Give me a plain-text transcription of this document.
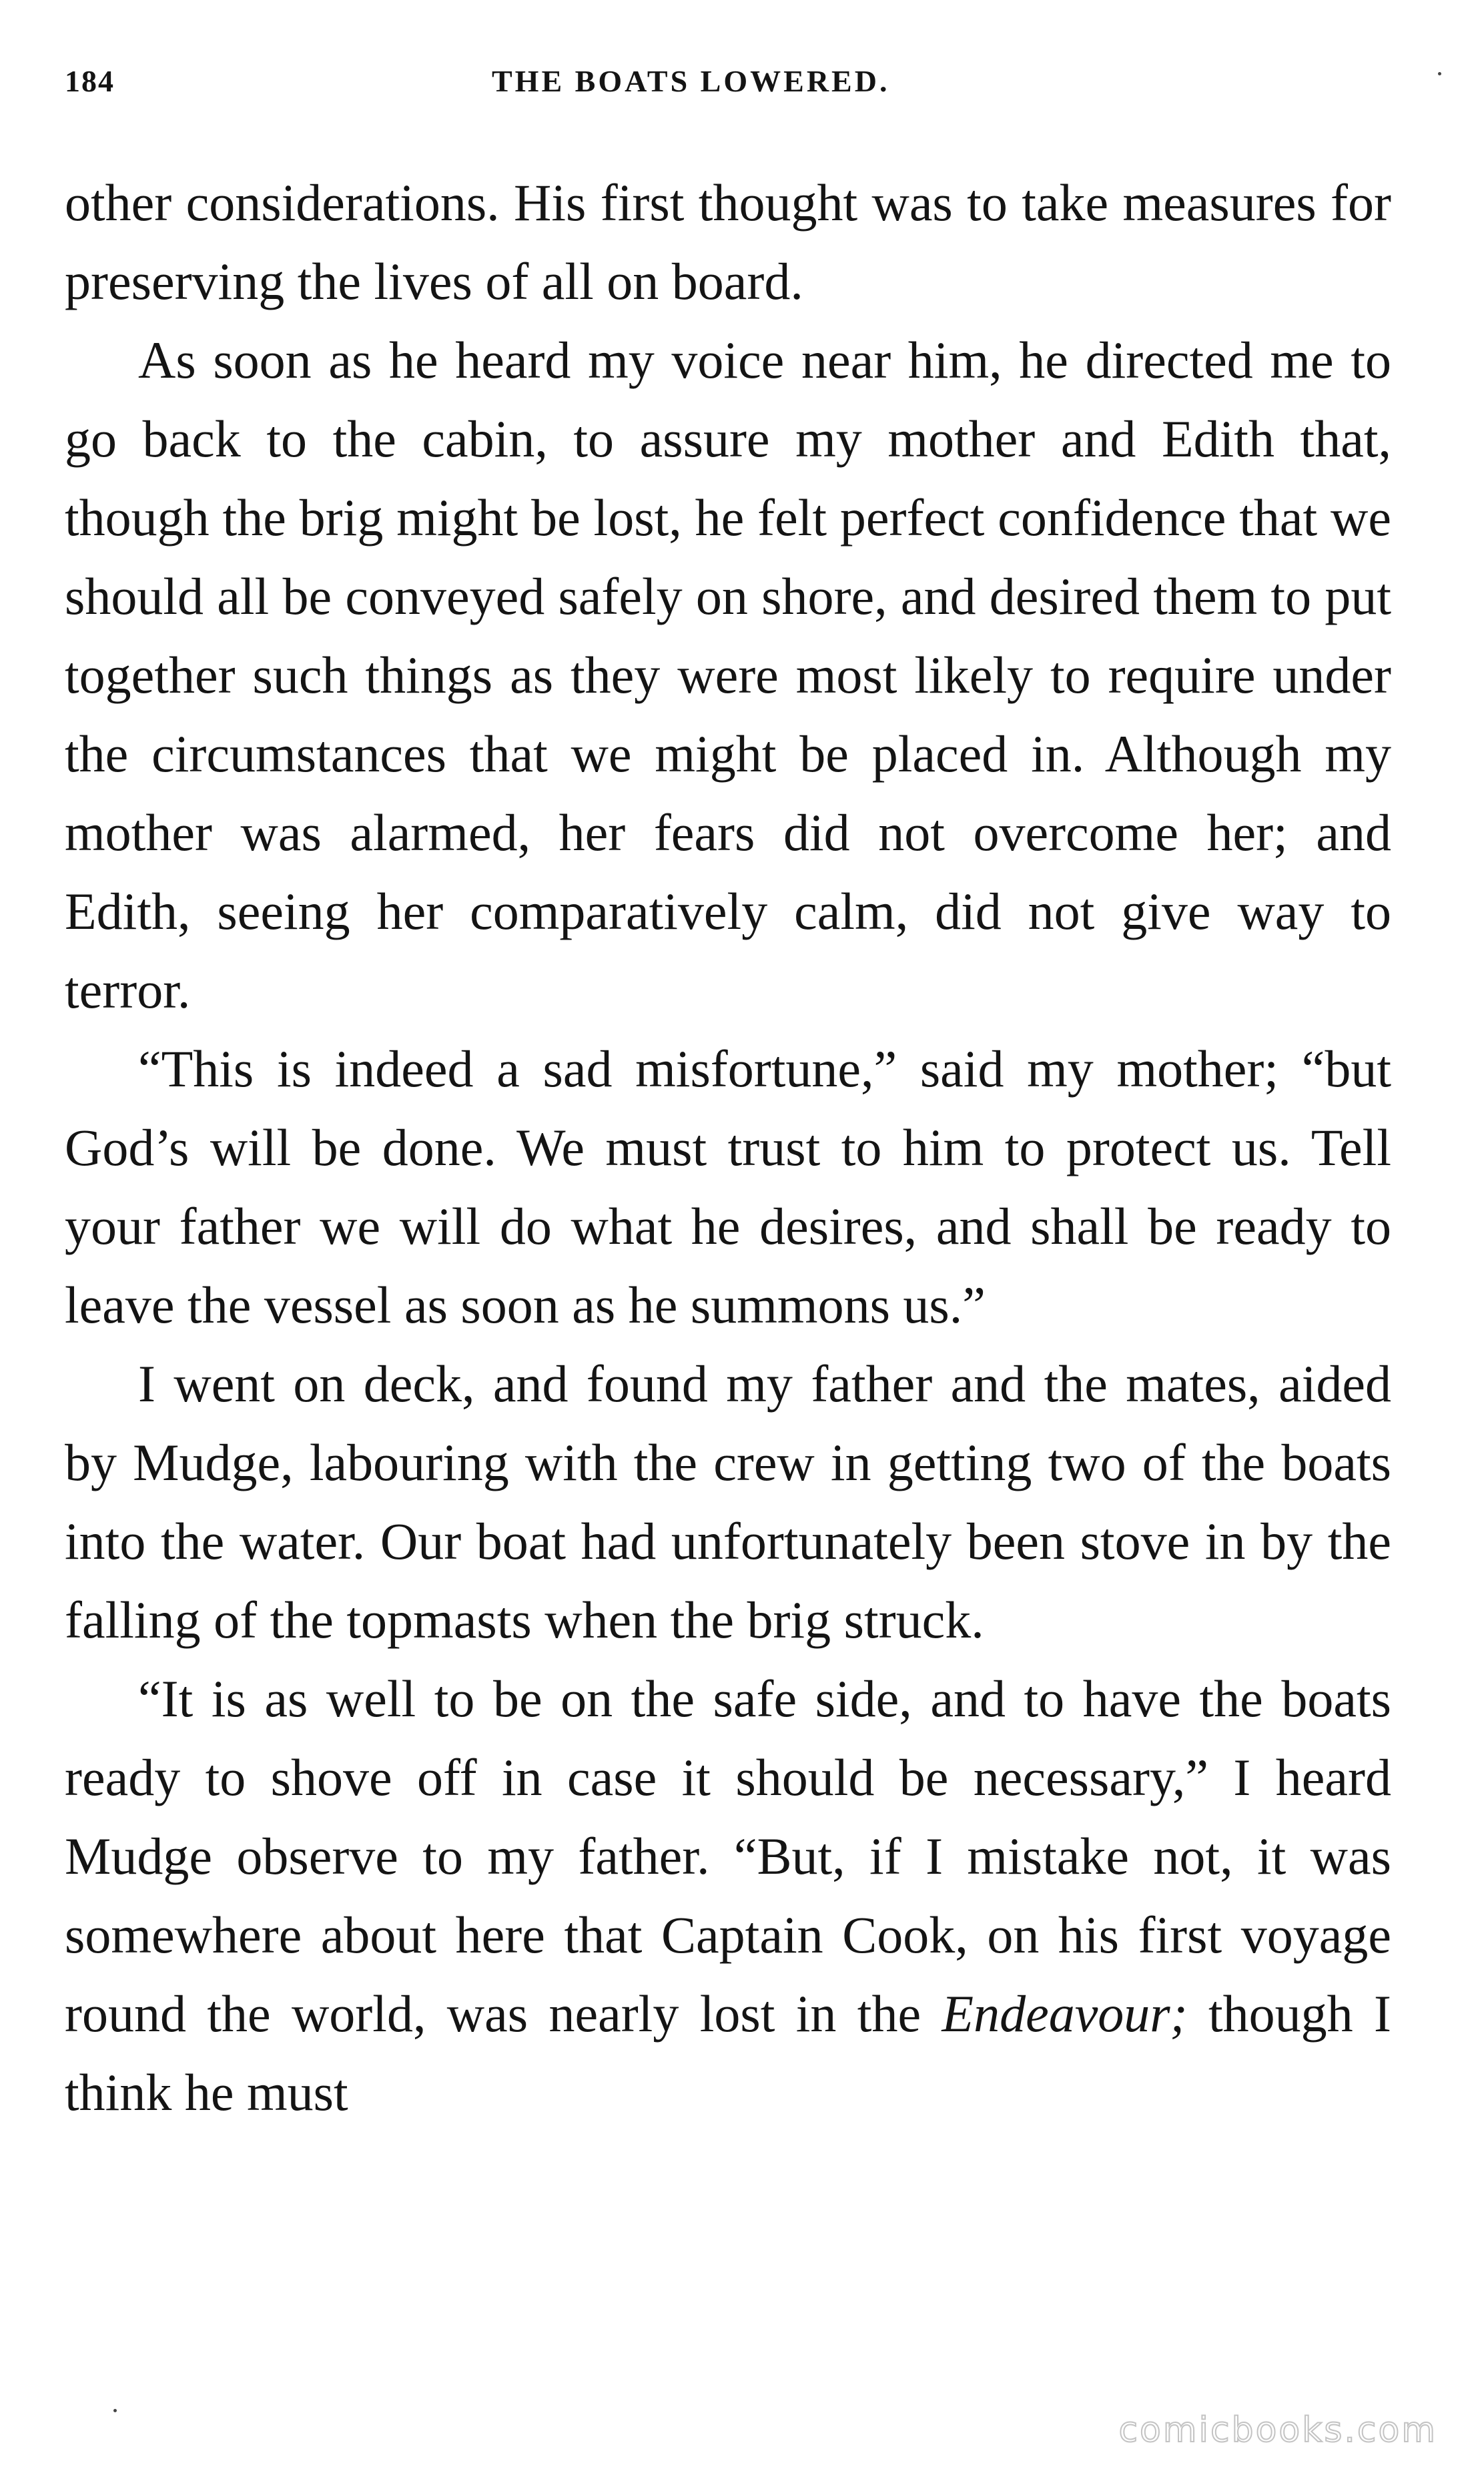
184	THE BOATS LOWERED.

other considerations. His first thought was to take measures for preserving the lives of all on board.

As soon as he heard my voice near him, he directed me to go back to the cabin, to assure my mother and Edith that, though the brig might be lost, he felt perfect confidence that we should all be conveyed safely on shore, and desired them to put together such things as they were most likely to require under the circumstances that we might be placed in. Although my mother was alarmed, her fears did not overcome her; and Edith, seeing her comparatively calm, did not give way to terror.

“This is indeed a sad misfortune,” said my mother; “but God’s will be done. We must trust to him to protect us. Tell your father we will do what he desires, and shall be ready to leave the vessel as soon as he summons us.”

I went on deck, and found my father and the mates, aided by Mudge, labouring with the crew in getting two of the boats into the water. Our boat had unfortunately been stove in by the falling of the topmasts when the brig struck.

“It is as well to be on the safe side, and to have the boats ready to shove off in case it should be necessary,” I heard Mudge observe to my father. “But, if I mistake not, it was somewhere about here that Captain Cook, on his first voyage round the world, was nearly lost in the Endeavour; though I think he must

comicbooks.com
